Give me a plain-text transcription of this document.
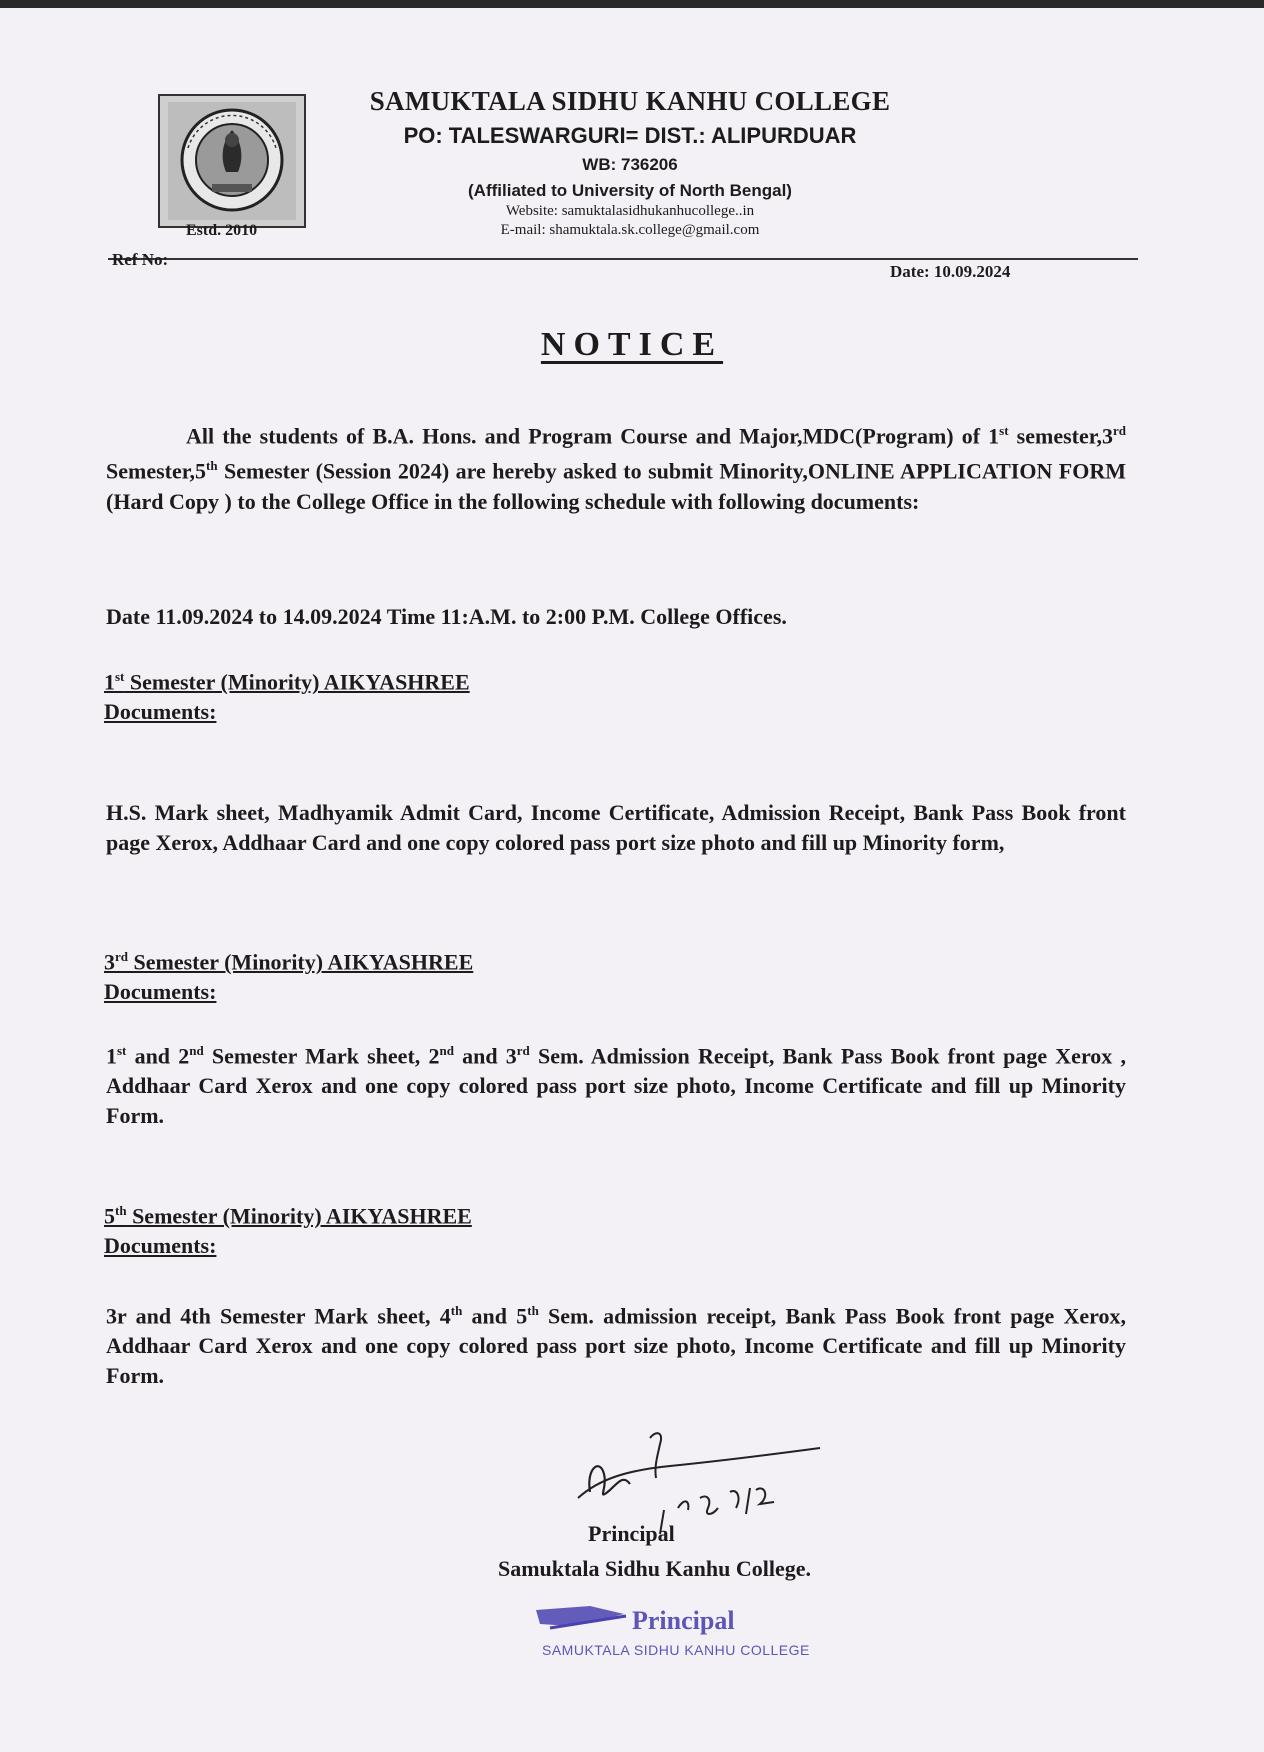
Estd. 2010
SAMUKTALA SIDHU KANHU COLLEGE
PO: TALESWARGURI= DIST.: ALIPURDUAR
WB: 736206
(Affiliated to University of North Bengal)
Website: samuktalasidhukanhucollege..in
E-mail: shamuktala.sk.college@gmail.com
Ref No:
Date: 10.09.2024
NOTICE
All the students of B.A. Hons. and Program Course and Major,MDC(Program) of 1st semester,3rd Semester,5th Semester (Session 2024) are hereby asked to submit Minority,ONLINE APPLICATION FORM (Hard Copy ) to the College Office in the following schedule with following documents:
Date 11.09.2024 to 14.09.2024 Time 11:A.M. to 2:00 P.M. College Offices.
1st Semester (Minority) AIKYASHREE
Documents:
H.S. Mark sheet, Madhyamik Admit Card, Income Certificate, Admission Receipt, Bank Pass Book front page Xerox, Addhaar Card and one copy colored pass port size photo and fill up Minority form,
3rd Semester (Minority) AIKYASHREE
Documents:
1st and 2nd Semester Mark sheet, 2nd and 3rd Sem. Admission Receipt, Bank Pass Book front page Xerox , Addhaar Card Xerox and one copy colored pass port size photo, Income Certificate and fill up Minority Form.
5th Semester (Minority) AIKYASHREE
Documents:
3r and 4th Semester Mark sheet, 4th and 5th Sem. admission receipt, Bank Pass Book front page Xerox, Addhaar Card Xerox and one copy colored pass port size photo, Income Certificate and fill up Minority Form.
Principal
Samuktala Sidhu Kanhu College.
Principal
SAMUKTALA SIDHU KANHU COLLEGE
